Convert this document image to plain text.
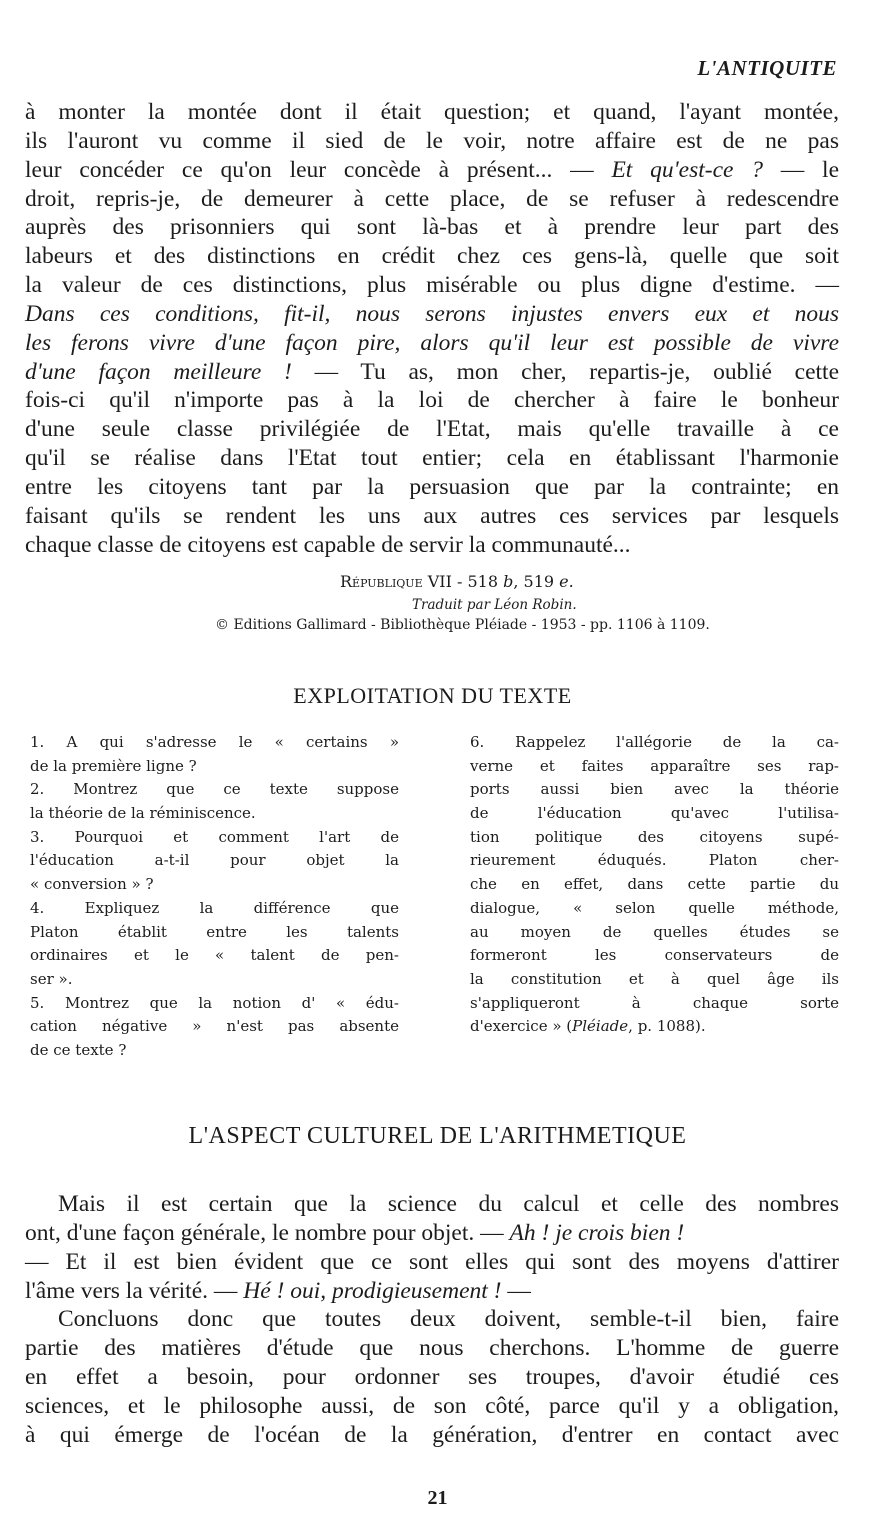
L'ANTIQUITE
à monter la montée dont il était question; et quand, l'ayant montée,
ils l'auront vu comme il sied de le voir, notre affaire est de ne pas
leur concéder ce qu'on leur concède à présent... — Et qu'est-ce ? — le
droit, repris-je, de demeurer à cette place, de se refuser à redescendre
auprès des prisonniers qui sont là-bas et à prendre leur part des
labeurs et des distinctions en crédit chez ces gens-là, quelle que soit
la valeur de ces distinctions, plus misérable ou plus digne d'estime. —
Dans ces conditions, fit-il, nous serons injustes envers eux et nous
les ferons vivre d'une façon pire, alors qu'il leur est possible de vivre
d'une façon meilleure ! — Tu as, mon cher, repartis-je, oublié cette
fois-ci qu'il n'importe pas à la loi de chercher à faire le bonheur
d'une seule classe privilégiée de l'Etat, mais qu'elle travaille à ce
qu'il se réalise dans l'Etat tout entier; cela en établissant l'harmonie
entre les citoyens tant par la persuasion que par la contrainte; en
faisant qu'ils se rendent les uns aux autres ces services par lesquels
chaque classe de citoyens est capable de servir la communauté...
République VII - 518 b, 519 e.
Traduit par Léon Robin.
© Editions Gallimard - Bibliothèque Pléiade - 1953 - pp. 1106 à 1109.
EXPLOITATION DU TEXTE
1. A qui s'adresse le « certains »
de la première ligne ?
2. Montrez que ce texte suppose
la théorie de la réminiscence.
3. Pourquoi et comment l'art de
l'éducation a-t-il pour objet la
« conversion » ?
4. Expliquez la différence que
Platon établit entre les talents
ordinaires et le « talent de pen-
ser ».
5. Montrez que la notion d' « édu-
cation négative » n'est pas absente
de ce texte ?
6. Rappelez l'allégorie de la ca-
verne et faites apparaître ses rap-
ports aussi bien avec la théorie
de l'éducation qu'avec l'utilisa-
tion politique des citoyens supé-
rieurement éduqués. Platon cher-
che en effet, dans cette partie du
dialogue, « selon quelle méthode,
au moyen de quelles études se
formeront les conservateurs de
la constitution et à quel âge ils
s'appliqueront à chaque sorte
d'exercice » (Pléiade, p. 1088).
L'ASPECT CULTUREL DE L'ARITHMETIQUE
Mais il est certain que la science du calcul et celle des nombres
ont, d'une façon générale, le nombre pour objet. — Ah ! je crois bien !
— Et il est bien évident que ce sont elles qui sont des moyens d'attirer
l'âme vers la vérité. — Hé ! oui, prodigieusement ! —
Concluons donc que toutes deux doivent, semble-t-il bien, faire
partie des matières d'étude que nous cherchons. L'homme de guerre
en effet a besoin, pour ordonner ses troupes, d'avoir étudié ces
sciences, et le philosophe aussi, de son côté, parce qu'il y a obligation,
à qui émerge de l'océan de la génération, d'entrer en contact avec
21
